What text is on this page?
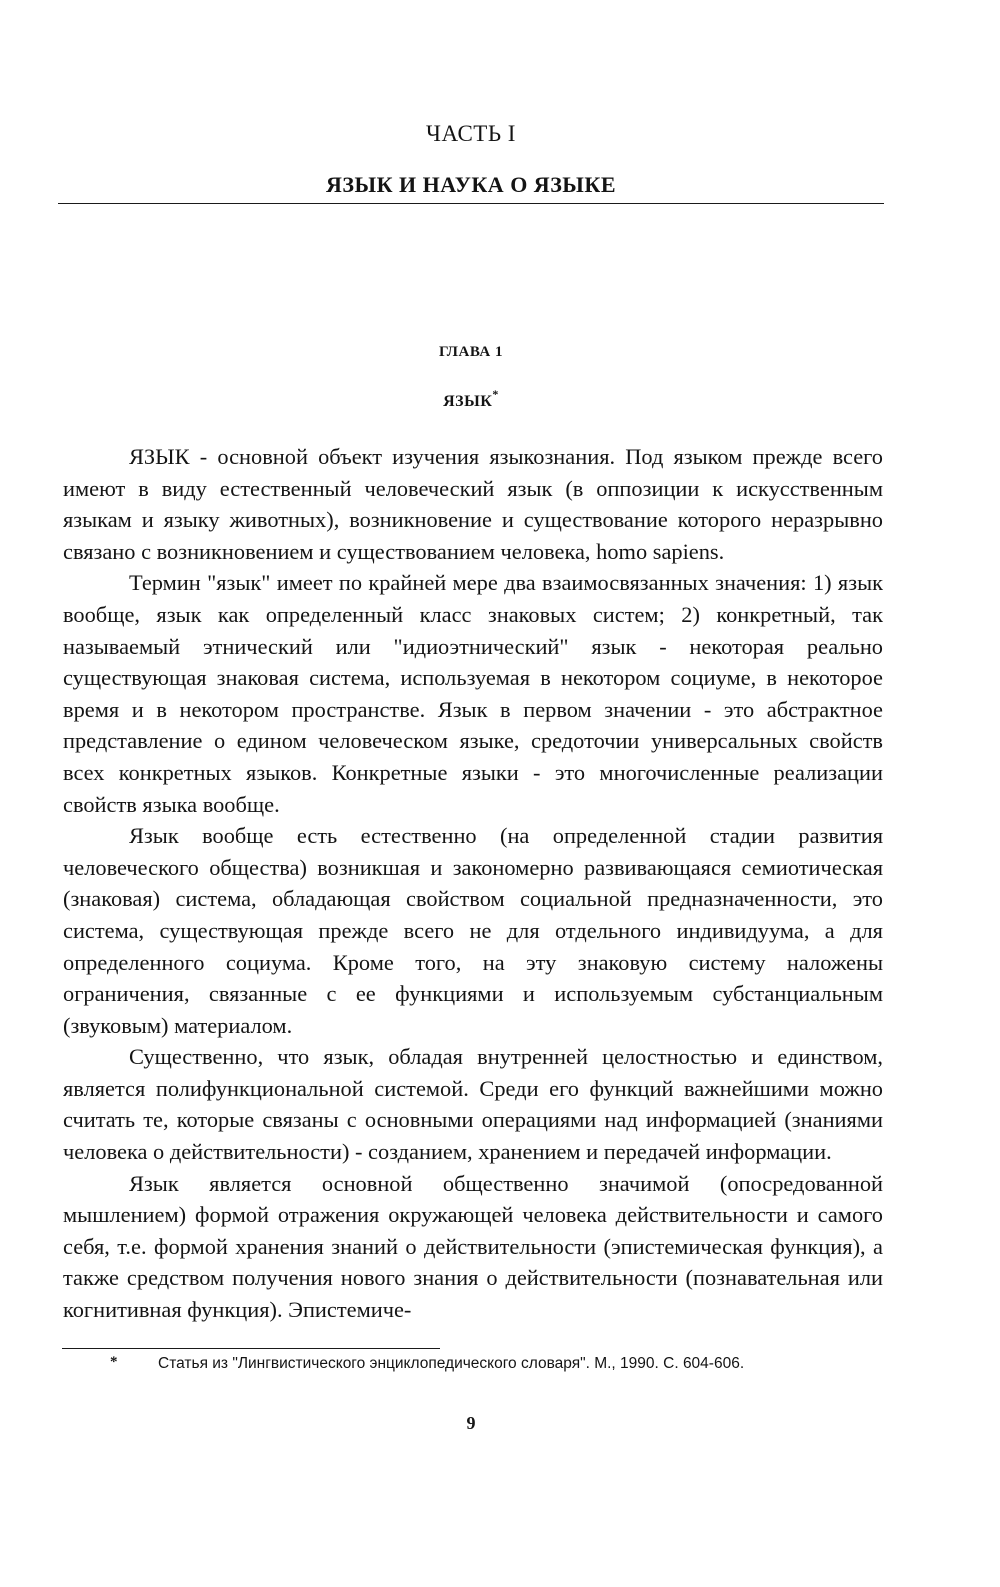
ЧАСТЬ I
ЯЗЫК И НАУКА О ЯЗЫКЕ
ГЛАВА 1
ЯЗЫК*

ЯЗЫК - основной объект изучения языкознания. Под языком прежде всего имеют в виду естественный человеческий язык (в оппозиции к искусственным языкам и языку животных), возникновение и существование которого неразрывно связано с возникновением и существованием человека, homo sapiens.

Термин "язык" имеет по крайней мере два взаимосвязанных значения: 1) язык вообще, язык как определенный класс знаковых систем; 2) конкретный, так называемый этнический или "идиоэтнический" язык - некоторая реально существующая знаковая система, используемая в некотором социуме, в некоторое время и в некотором пространстве. Язык в первом значении - это абстрактное представление о едином человеческом языке, средоточии универсальных свойств всех конкретных языков. Конкретные языки - это многочисленные реализации свойств языка вообще.

Язык вообще есть естественно (на определенной стадии развития человеческого общества) возникшая и закономерно развивающаяся семиотическая (знаковая) система, обладающая свойством социальной предназначенности, это система, существующая прежде всего не для отдельного индивидуума, а для определенного социума. Кроме того, на эту знаковую систему наложены ограничения, связанные с ее функциями и используемым субстанциальным (звуковым) материалом.

Существенно, что язык, обладая внутренней целостностью и единством, является полифункциональной системой. Среди его функций важнейшими можно считать те, которые связаны с основными операциями над информацией (знаниями человека о действительности) - созданием, хранением и передачей информации.

Язык является основной общественно значимой (опосредованной мышлением) формой отражения окружающей человека действительности и самого себя, т.е. формой хранения знаний о действительности (эпистемическая функция), а также средством получения нового знания о действительности (познавательная или когнитивная функция). Эпистемиче-

*	Статья из "Лингвистического энциклопедического словаря". М., 1990. С. 604-606.
9
